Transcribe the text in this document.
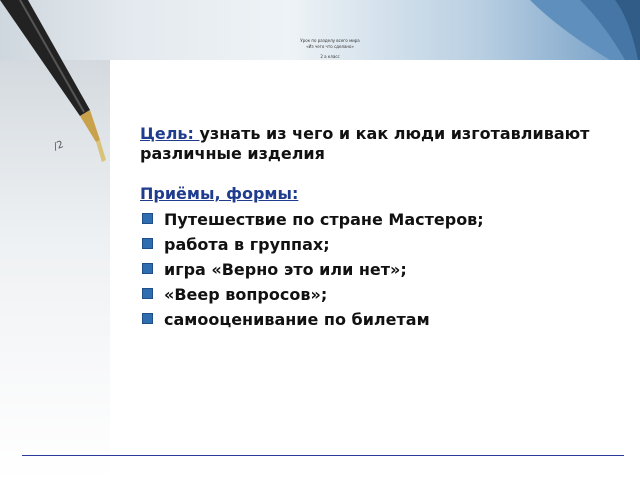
/2
Урок по разделу всего мира
«Из чего что сделано»
2 а класс
Цель: узнать из чего и как люди изготавливают различные изделия
Приёмы, формы:
Путешествие по стране Мастеров;
работа в группах;
игра «Верно это или нет»;
«Веер вопросов»;
самооценивание по билетам
